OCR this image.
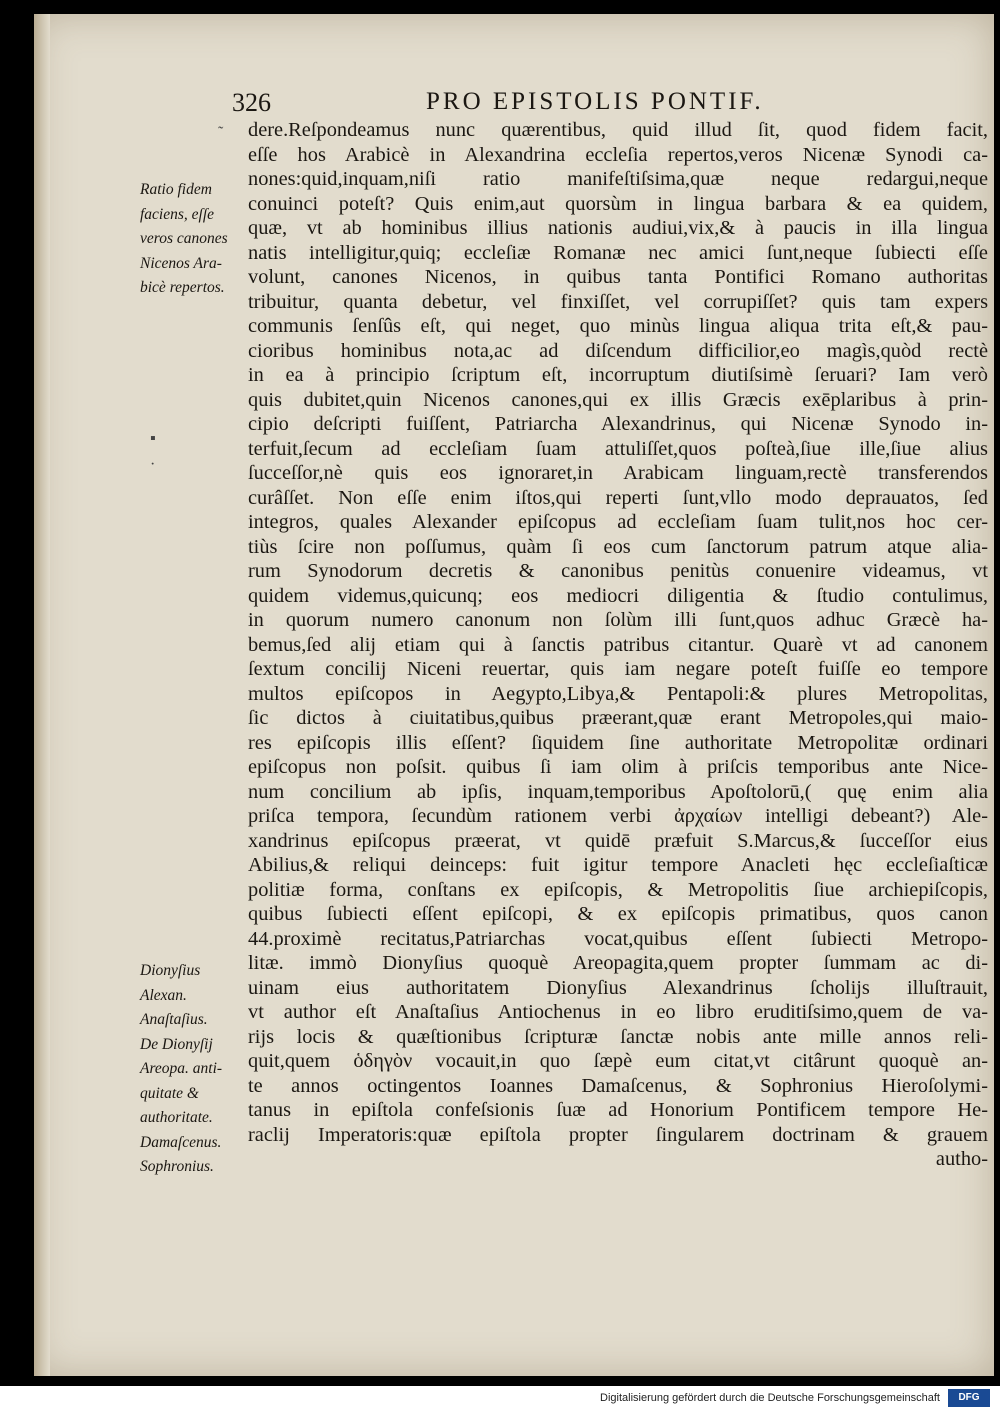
326	PRO EPISTOLIS PONTIF.
˜
▪
·
Ratio fidem
faciens, eſſe
veros canones
Nicenos Ara-
bicè repertos.
Dionyſius
Alexan.
Anaſtaſius.
De Dionyſij
Areopa. anti-
quitate &
authoritate.
Damaſcenus.
Sophronius.
dere.Reſpondeamus nunc quærentibus, quid illud ſit, quod fidem facit,
eſſe hos Arabicè in Alexandrina eccleſia repertos,veros Nicenæ Synodi ca-
nones:quid,inquam,niſi ratio manifeſtiſsima,quæ neque redargui,neque
conuinci poteſt? Quis enim,aut quorsùm in lingua barbara & ea quidem,
quæ, vt ab hominibus illius nationis audiui,vix,& à paucis in illa lingua
natis intelligitur,quiq; eccleſiæ Romanæ nec amici ſunt,neque ſubiecti eſſe
volunt, canones Nicenos, in quibus tanta Pontifici Romano authoritas
tribuitur, quanta debetur, vel finxiſſet, vel corrupiſſet? quis tam expers
communis ſenſûs eſt, qui neget, quo minùs lingua aliqua trita eſt,& pau-
cioribus hominibus nota,ac ad diſcendum difficilior,eo magìs,quòd rectè
in ea à principio ſcriptum eſt, incorruptum diutiſsimè ſeruari? Iam verò
quis dubitet,quin Nicenos canones,qui ex illis Græcis exēplaribus à prin-
cipio deſcripti fuiſſent, Patriarcha Alexandrinus, qui Nicenæ Synodo in-
terfuit,ſecum ad eccleſiam ſuam attuliſſet,quos poſteà,ſiue ille,ſiue alius
ſucceſſor,nè quis eos ignoraret,in Arabicam linguam,rectè transferendos
curâſſet. Non eſſe enim iſtos,qui reperti ſunt,vllo modo deprauatos, ſed
integros, quales Alexander epiſcopus ad eccleſiam ſuam tulit,nos hoc cer-
tiùs ſcire non poſſumus, quàm ſi eos cum ſanctorum patrum atque alia-
rum Synodorum decretis & canonibus penitùs conuenire videamus, vt
quidem videmus,quicunq; eos mediocri diligentia & ſtudio contulimus,
in quorum numero canonum non ſolùm illi ſunt,quos adhuc Græcè ha-
bemus,ſed alij etiam qui à ſanctis patribus citantur. Quarè vt ad canonem
ſextum concilij Niceni reuertar, quis iam negare poteſt fuiſſe eo tempore
multos epiſcopos in Aegypto,Libya,& Pentapoli:& plures Metropolitas,
ſic dictos à ciuitatibus,quibus præerant,quæ erant Metropoles,qui maio-
res epiſcopis illis eſſent? ſiquidem ſine authoritate Metropolitæ ordinari
epiſcopus non poſsit. quibus ſi iam olim à priſcis temporibus ante Nice-
num concilium ab ipſis, inquam,temporibus Apoſtolorū,( quę enim alia
priſca tempora, ſecundùm rationem verbi ἀρχαίων intelligi debeant?) Ale-
xandrinus epiſcopus præerat, vt quidē præfuit S.Marcus,& ſucceſſor eius
Abilius,& reliqui deinceps: fuit igitur tempore Anacleti hęc eccleſiaſticæ
politiæ forma, conſtans ex epiſcopis, & Metropolitis ſiue archiepiſcopis,
quibus ſubiecti eſſent epiſcopi, & ex epiſcopis primatibus, quos canon
44.proximè recitatus,Patriarchas vocat,quibus eſſent ſubiecti Metropo-
litæ. immò Dionyſius quoquè Areopagita,quem propter ſummam ac di-
uinam eius authoritatem Dionyſius Alexandrinus ſcholijs illuſtrauit,
vt author eſt Anaſtaſius Antiochenus in eo libro eruditiſsimo,quem de va-
rijs locis & quæſtionibus ſcripturæ ſanctæ nobis ante mille annos reli-
quit,quem ὁδηγὸν vocauit,in quo ſæpè eum citat,vt citârunt quoquè an-
te annos octingentos Ioannes Damaſcenus, & Sophronius Hieroſolymi-
tanus in epiſtola confeſsionis ſuæ ad Honorium Pontificem tempore He-
raclij Imperatoris:quæ epiſtola propter ſingularem doctrinam & grauem
autho-
Digitalisierung gefördert durch die Deutsche Forschungsgemeinschaft	DFG
